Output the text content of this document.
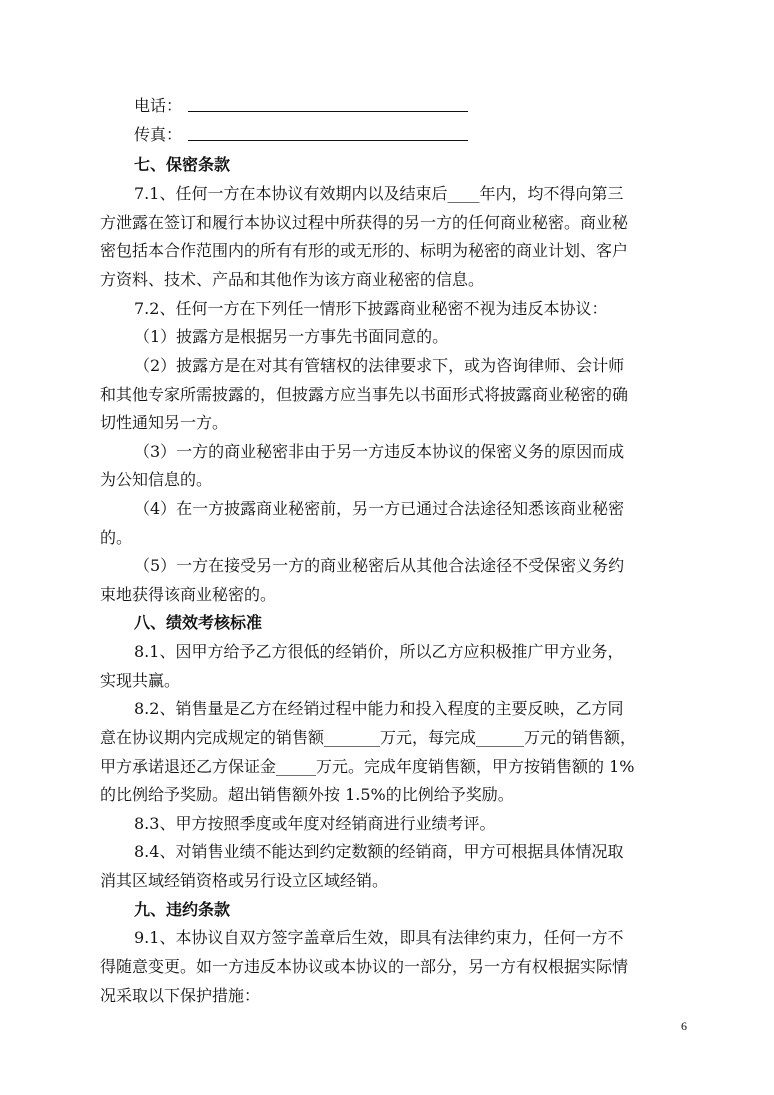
电话：
传真：
七、保密条款
7.1、任何一方在本协议有效期内以及结束后____年内，均不得向第三
方泄露在签订和履行本协议过程中所获得的另一方的任何商业秘密。商业秘
密包括本合作范围内的所有有形的或无形的、标明为秘密的商业计划、客户
方资料、技术、产品和其他作为该方商业秘密的信息。
7.2、任何一方在下列任一情形下披露商业秘密不视为违反本协议：
（1）披露方是根据另一方事先书面同意的。
（2）披露方是在对其有管辖权的法律要求下，或为咨询律师、会计师
和其他专家所需披露的，但披露方应当事先以书面形式将披露商业秘密的确
切性通知另一方。
（3）一方的商业秘密非由于另一方违反本协议的保密义务的原因而成
为公知信息的。
（4）在一方披露商业秘密前，另一方已通过合法途径知悉该商业秘密
的。
（5）一方在接受另一方的商业秘密后从其他合法途径不受保密义务约
束地获得该商业秘密的。
八、绩效考核标准
8.1、因甲方给予乙方很低的经销价，所以乙方应积极推广甲方业务，
实现共赢。
8.2、销售量是乙方在经销过程中能力和投入程度的主要反映，乙方同
意在协议期内完成规定的销售额_______万元，每完成______万元的销售额，
甲方承诺退还乙方保证金_____万元。完成年度销售额，甲方按销售额的 1%
的比例给予奖励。超出销售额外按 1.5%的比例给予奖励。
8.3、甲方按照季度或年度对经销商进行业绩考评。
8.4、对销售业绩不能达到约定数额的经销商，甲方可根据具体情况取
消其区域经销资格或另行设立区域经销。
九、违约条款
9.1、本协议自双方签字盖章后生效，即具有法律约束力，任何一方不
得随意变更。如一方违反本协议或本协议的一部分，另一方有权根据实际情
况采取以下保护措施：
6
